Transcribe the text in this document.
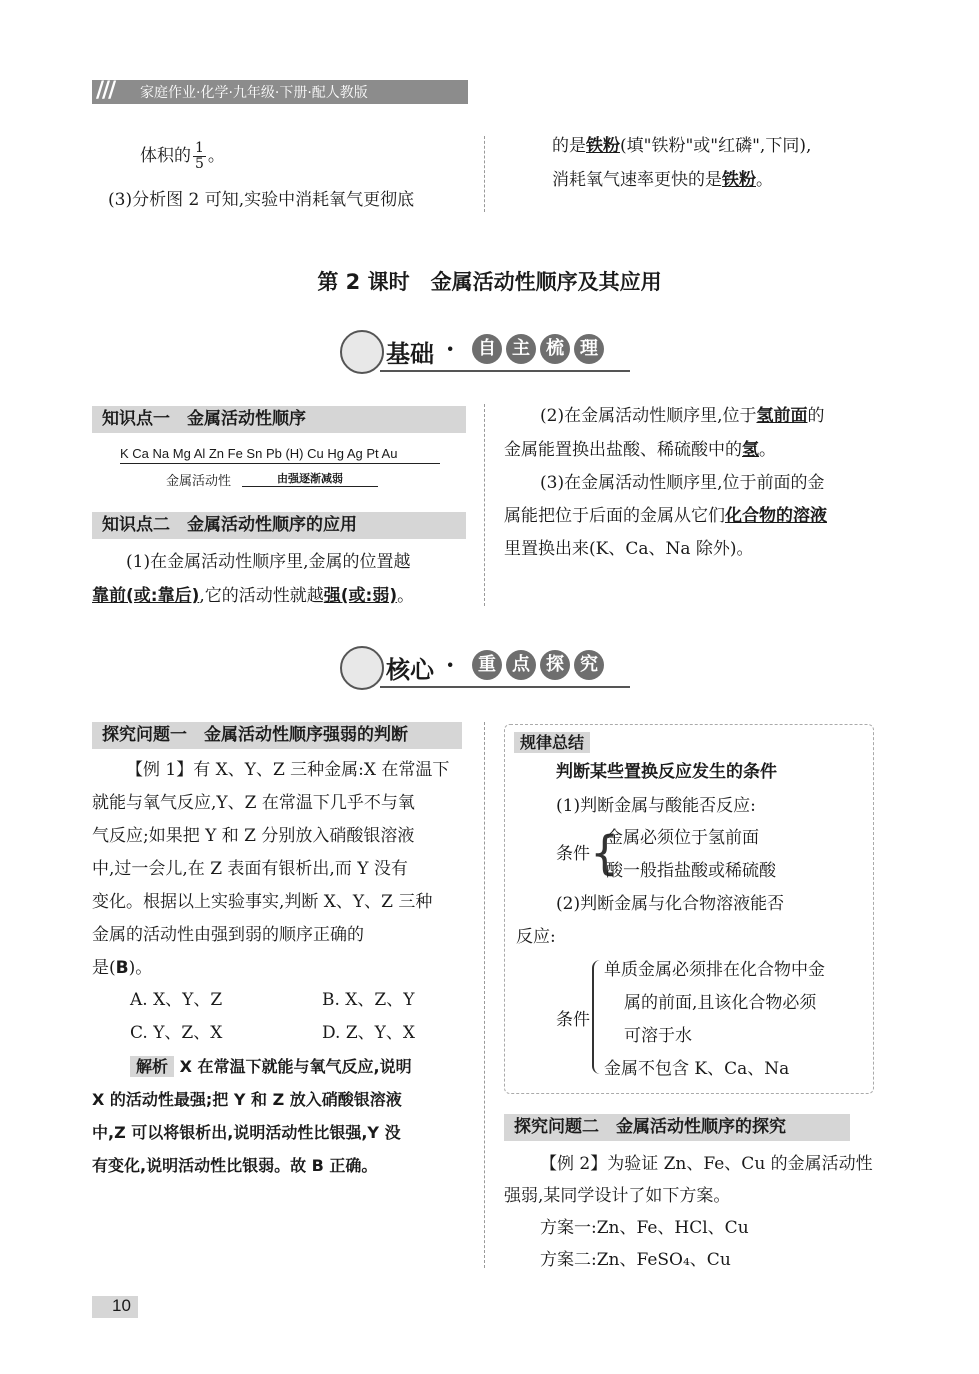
/// 家庭作业·化学·九年级·下册·配人教版
体积的 $\frac{1}{5}$ 。
(3)分析图 2 可知,实验中消耗氧气更彻底
的是铁粉(填"铁粉"或"红磷",下同),
消耗氧气速率更快的是铁粉。
第 2 课时　金属活动性顺序及其应用
基础 ·	自 主 梳 理
知识点一　金属活动性顺序
K Ca Na Mg Al Zn Fe Sn Pb (H) Cu Hg Ag Pt Au
金属活动性	由强逐渐减弱
知识点二　金属活动性顺序的应用
(1)在金属活动性顺序里,金属的位置越
靠前(或:靠后),它的活动性就越强(或:弱)。
(2)在金属活动性顺序里,位于氢前面的
金属能置换出盐酸、稀硫酸中的氢。
(3)在金属活动性顺序里,位于前面的金
属能把位于后面的金属从它们化合物的溶液
里置换出来(K、Ca、Na 除外)。
核心 ·	重 点 探 究
探究问题一　金属活动性顺序强弱的判断
【例 1】有 X、Y、Z 三种金属:X 在常温下
就能与氧气反应,Y、Z 在常温下几乎不与氧
气反应;如果把 Y 和 Z 分别放入硝酸银溶液
中,过一会儿,在 Z 表面有银析出,而 Y 没有
变化。根据以上实验事实,判断 X、Y、Z 三种
金属的活动性由强到弱的顺序正确的
是(B)。
A. X、Y、Z	B. X、Z、Y
C. Y、Z、X	D. Z、Y、X
解析 X 在常温下就能与氧气反应,说明
X 的活动性最强;把 Y 和 Z 放入硝酸银溶液
中,Z 可以将银析出,说明活动性比银强,Y 没
有变化,说明活动性比银弱。故 B 正确。
规律总结
判断某些置换反应发生的条件
(1)判断金属与酸能否反应:
条件 {
金属必须位于氢前面
酸一般指盐酸或稀硫酸
(2)判断金属与化合物溶液能否
反应:
条件
单质金属必须排在化合物中金
属的前面,且该化合物必须
可溶于水
金属不包含 K、Ca、Na
探究问题二　金属活动性顺序的探究
【例 2】为验证 Zn、Fe、Cu 的金属活动性
强弱,某同学设计了如下方案。
方案一:Zn、Fe、HCl、Cu
方案二:Zn、FeSO₄、Cu
10
